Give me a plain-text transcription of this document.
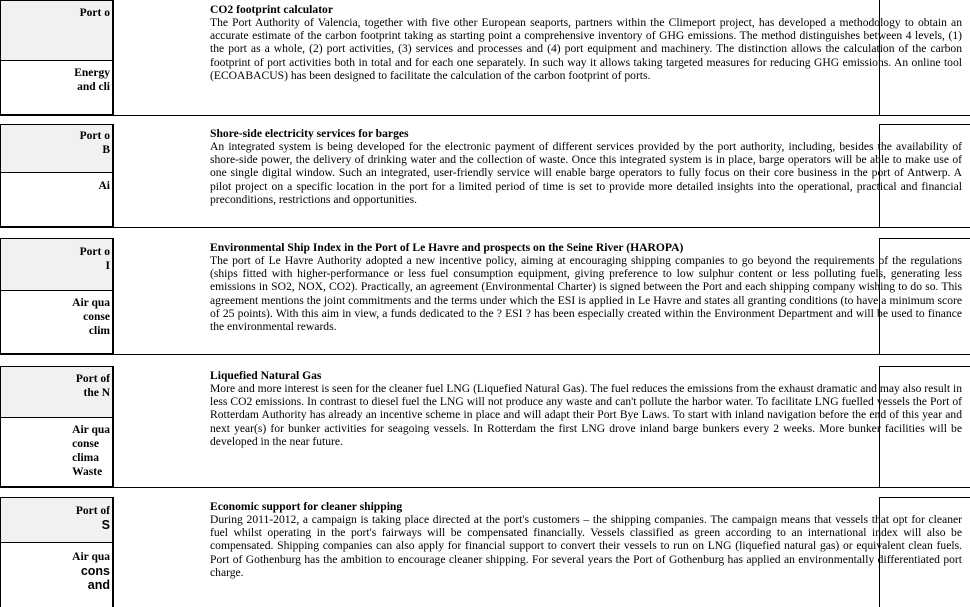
Port o
Energy
and cli
Port o
B
Ai
Port o
I
Air qua
conse
clim
Port of
the N
Air qua
conse
clima
Waste
Port of
S
Air qua
cons
and
CO2 footprint calculator
The Port Authority of Valencia, together with five other European seaports, partners within the Climeport project, has developed a methodology to obtain an accurate estimate of the carbon footprint taking as starting point a comprehensive inventory of GHG emissions. The method distinguishes between 4 levels, (1) the port as a whole, (2) port activities, (3) services and processes and (4) port equipment and machinery. The distinction allows the calculation of the carbon footprint of port activities both in total and for each one separately. In such way it allows taking targeted measures for reducing GHG emissions. An online tool (ECOABACUS) has been designed to facilitate the calculation of the carbon footprint of ports.
Shore-side electricity services for barges
An integrated system is being developed for the electronic payment of different services provided by the port authority, including, besides the availability of shore-side power, the delivery of drinking water and the collection of waste. Once this integrated system is in place, barge operators will be able to make use of one single digital window. Such an integrated, user-friendly service will enable barge operators to fully focus on their core business in the port of Antwerp. A pilot project on a specific location in the port for a limited period of time is set to provide more detailed insights into the operational, practical and financial preconditions, restrictions and opportunities.
Environmental Ship Index in the Port of Le Havre and prospects on the Seine River (HAROPA)
The port of Le Havre Authority adopted a new incentive policy, aiming at encouraging shipping companies to go beyond the requirements of the regulations (ships fitted with higher-performance or less fuel consumption equipment, giving preference to low sulphur content or less polluting fuels, generating less emissions in SO2, NOX, CO2). Practically, an agreement (Environmental Charter) is signed between the Port and each shipping company wishing to do so. This agreement mentions the joint commitments and the terms under which the ESI is applied in Le Havre and states all granting conditions (to have a minimum score of 25 points). With this aim in view, a funds dedicated to the ? ESI ? has been especially created within the Environment Department and will be used to finance the environmental rewards.
Liquefied Natural Gas
More and more interest is seen for the cleaner fuel LNG (Liquefied Natural Gas). The fuel reduces the emissions from the exhaust dramatic and may also result in less CO2 emissions. In contrast to diesel fuel the LNG will not produce any waste and can't pollute the harbor water. To facilitate LNG fuelled vessels the Port of Rotterdam Authority has already an incentive scheme in place and will adapt their Port Bye Laws. To start with inland navigation before the end of this year and next year(s) for bunker activities for seagoing vessels. In Rotterdam the first LNG drove inland barge bunkers every 2 weeks. More bunker facilities will be developed in the near future.
Economic support for cleaner shipping
During 2011-2012, a campaign is taking place directed at the port's customers – the shipping companies. The campaign means that vessels that opt for cleaner fuel whilst operating in the port's fairways will be compensated financially. Vessels classified as green according to an international index will also be compensated. Shipping companies can also apply for financial support to convert their vessels to run on LNG (liquefied natural gas) or equivalent clean fuels. Port of Gothenburg has the ambition to encourage cleaner shipping. For several years the Port of Gothenburg has applied an environmentally differentiated port charge.
